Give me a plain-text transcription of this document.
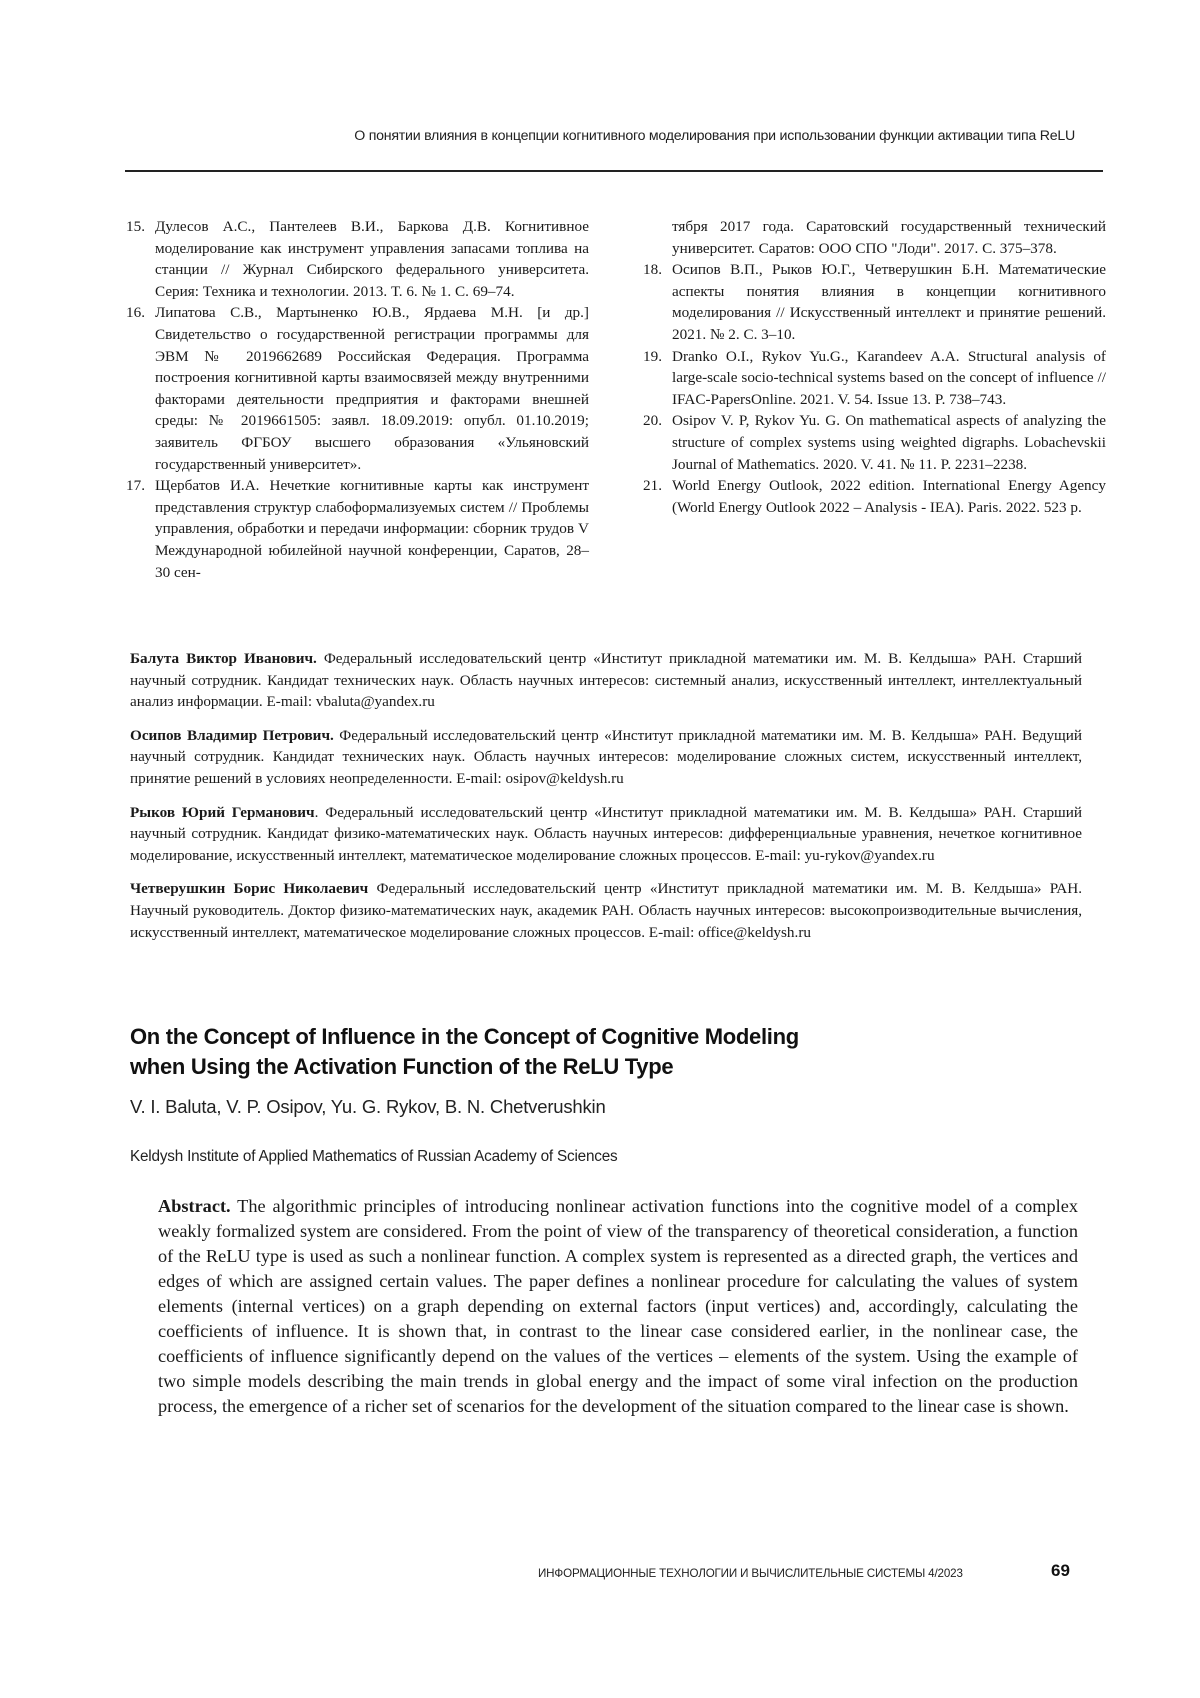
О понятии влияния в концепции когнитивного моделирования при использовании функции активации типа ReLU
15. Дулесов А.С., Пантелеев В.И., Баркова Д.В. Когнитивное моделирование как инструмент управления запасами топлива на станции // Журнал Сибирского федерального университета. Серия: Техника и технологии. 2013. Т. 6. № 1. С. 69–74.
16. Липатова С.В., Мартыненко Ю.В., Ярдаева М.Н. [и др.] Свидетельство о государственной регистрации программы для ЭВМ № 2019662689 Российская Федерация. Программа построения когнитивной карты взаимосвязей между внутренними факторами деятельности предприятия и факторами внешней среды: № 2019661505: заявл. 18.09.2019: опубл. 01.10.2019; заявитель ФГБОУ высшего образования «Ульяновский государственный университет».
17. Щербатов И.А. Нечеткие когнитивные карты как инструмент представления структур слабоформализуемых систем // Проблемы управления, обработки и передачи информации: сборник трудов V Международной юбилейной научной конференции, Саратов, 28–30 сен-
тября 2017 года. Саратовский государственный технический университет. Саратов: ООО СПО "Лоди". 2017. С. 375–378.
18. Осипов В.П., Рыков Ю.Г., Четверушкин Б.Н. Математические аспекты понятия влияния в концепции когнитивного моделирования // Искусственный интеллект и принятие решений. 2021. № 2. С. 3–10.
19. Dranko O.I., Rykov Yu.G., Karandeev A.A. Structural analysis of large-scale socio-technical systems based on the concept of influence // IFAC-PapersOnline. 2021. V. 54. Issue 13. P. 738–743.
20. Osipov V. P, Rykov Yu. G. On mathematical aspects of analyzing the structure of complex systems using weighted digraphs. Lobachevskii Journal of Mathematics. 2020. V. 41. № 11. P. 2231–2238.
21. World Energy Outlook, 2022 edition. International Energy Agency (World Energy Outlook 2022 – Analysis - IEA). Paris. 2022. 523 p.

Балута Виктор Иванович. Федеральный исследовательский центр «Институт прикладной математики им. М. В. Келдыша» РАН. Старший научный сотрудник. Кандидат технических наук. Область научных интересов: системный анализ, искусственный интеллект, интеллектуальный анализ информации. E-mail: vbaluta@yandex.ru

Осипов Владимир Петрович. Федеральный исследовательский центр «Институт прикладной математики им. М. В. Келдыша» РАН. Ведущий научный сотрудник. Кандидат технических наук. Область научных интересов: моделирование сложных систем, искусственный интеллект, принятие решений в условиях неопределенности. E-mail: osipov@keldysh.ru

Рыков Юрий Германович. Федеральный исследовательский центр «Институт прикладной математики им. М. В. Келдыша» РАН. Старший научный сотрудник. Кандидат физико-математических наук. Область научных интересов: дифференциальные уравнения, нечеткое когнитивное моделирование, искусственный интеллект, математическое моделирование сложных процессов. E-mail: yu-rykov@yandex.ru

Четверушкин Борис Николаевич Федеральный исследовательский центр «Институт прикладной математики им. М. В. Келдыша» РАН. Научный руководитель. Доктор физико-математических наук, академик РАН. Область научных интересов: высокопроизводительные вычисления, искусственный интеллект, математическое моделирование сложных процессов. E-mail: office@keldysh.ru

On the Concept of Influence in the Concept of Cognitive Modeling
when Using the Activation Function of the ReLU Type
V. I. Baluta, V. P. Osipov, Yu. G. Rykov, B. N. Chetverushkin
Keldysh Institute of Applied Mathematics of Russian Academy of Sciences
Abstract. The algorithmic principles of introducing nonlinear activation functions into the cognitive model of a complex weakly formalized system are considered. From the point of view of the transparency of theoretical consideration, a function of the ReLU type is used as such a nonlinear function. A complex system is represented as a directed graph, the vertices and edges of which are assigned certain values. The paper defines a nonlinear procedure for calculating the values of system elements (internal vertices) on a graph depending on external factors (input vertices) and, accordingly, calculating the coefficients of influence. It is shown that, in contrast to the linear case considered earlier, in the nonlinear case, the coefficients of influence significantly depend on the values of the vertices – elements of the system. Using the example of two simple models describing the main trends in global energy and the impact of some viral infection on the production process, the emergence of a richer set of scenarios for the development of the situation compared to the linear case is shown.
ИНФОРМАЦИОННЫЕ ТЕХНОЛОГИИ И ВЫЧИСЛИТЕЛЬНЫЕ СИСТЕМЫ 4/2023	69
